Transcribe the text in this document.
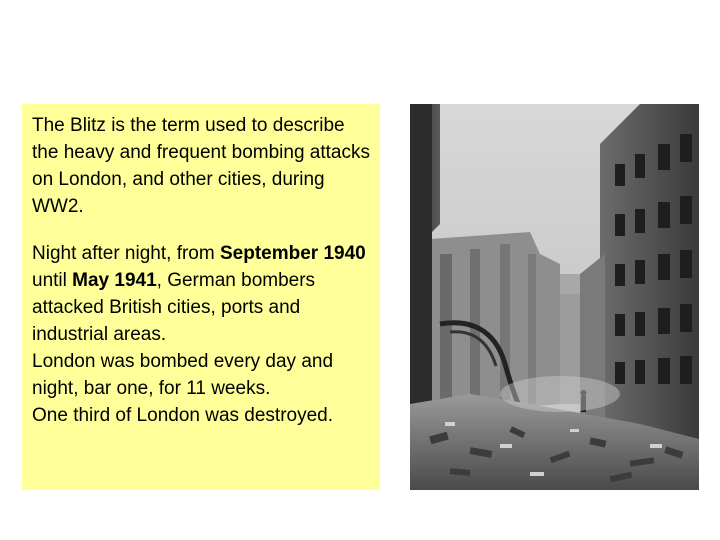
The Blitz is the term used to describe the heavy and frequent bombing attacks on London, and other cities, during WW2.

Night after night, from September 1940 until May 1941, German bombers attacked British cities, ports and industrial areas.

London was bombed every day and night, bar one, for 11 weeks.

One third of London was destroyed.
